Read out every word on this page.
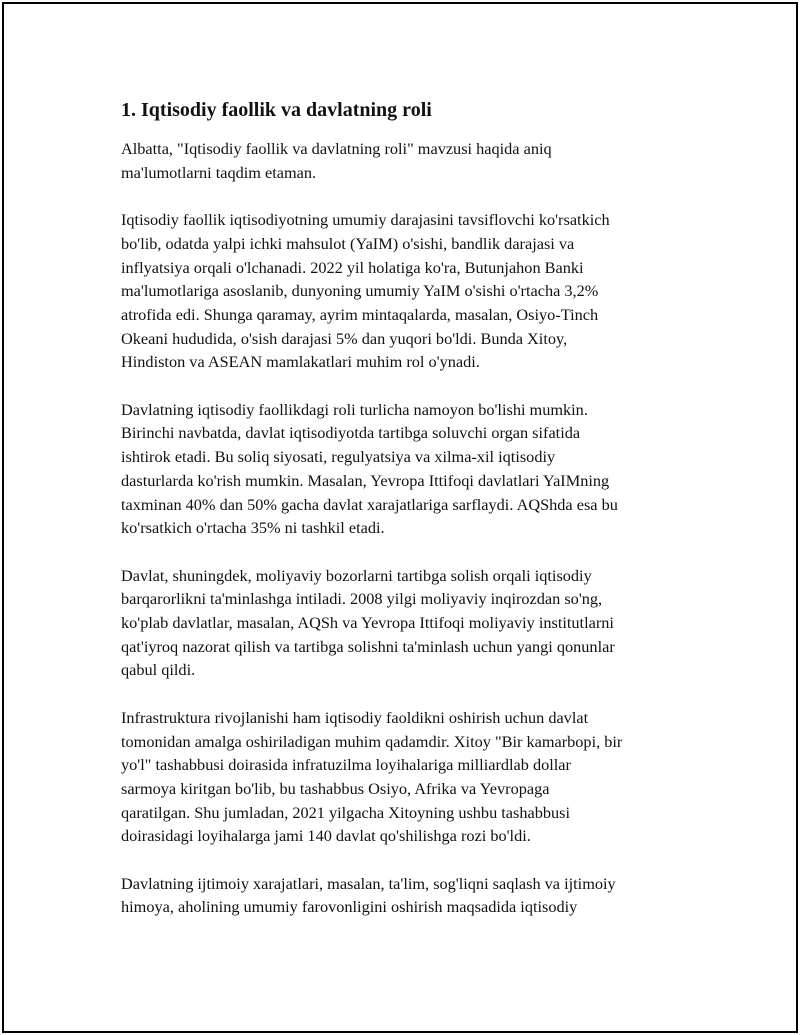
1. Iqtisodiy faollik va davlatning roli

Albatta, "Iqtisodiy faollik va davlatning roli" mavzusi haqida aniq
ma'lumotlarni taqdim etaman.

Iqtisodiy faollik iqtisodiyotning umumiy darajasini tavsiflovchi ko'rsatkich
bo'lib, odatda yalpi ichki mahsulot (YaIM) o'sishi, bandlik darajasi va
inflyatsiya orqali o'lchanadi. 2022 yil holatiga ko'ra, Butunjahon Banki
ma'lumotlariga asoslanib, dunyoning umumiy YaIM o'sishi o'rtacha 3,2%
atrofida edi. Shunga qaramay, ayrim mintaqalarda, masalan, Osiyo-Tinch
Okeani hududida, o'sish darajasi 5% dan yuqori bo'ldi. Bunda Xitoy,
Hindiston va ASEAN mamlakatlari muhim rol o'ynadi.

Davlatning iqtisodiy faollikdagi roli turlicha namoyon bo'lishi mumkin.
Birinchi navbatda, davlat iqtisodiyotda tartibga soluvchi organ sifatida
ishtirok etadi. Bu soliq siyosati, regulyatsiya va xilma-xil iqtisodiy
dasturlarda ko'rish mumkin. Masalan, Yevropa Ittifoqi davlatlari YaIMning
taxminan 40% dan 50% gacha davlat xarajatlariga sarflaydi. AQShda esa bu
ko'rsatkich o'rtacha 35% ni tashkil etadi.

Davlat, shuningdek, moliyaviy bozorlarni tartibga solish orqali iqtisodiy
barqarorlikni ta'minlashga intiladi. 2008 yilgi moliyaviy inqirozdan so'ng,
ko'plab davlatlar, masalan, AQSh va Yevropa Ittifoqi moliyaviy institutlarni
qat'iyroq nazorat qilish va tartibga solishni ta'minlash uchun yangi qonunlar
qabul qildi.

Infrastruktura rivojlanishi ham iqtisodiy faoldikni oshirish uchun davlat
tomonidan amalga oshiriladigan muhim qadamdir. Xitoy "Bir kamarbopi, bir
yo'l" tashabbusi doirasida infratuzilma loyihalariga milliardlab dollar
sarmoya kiritgan bo'lib, bu tashabbus Osiyo, Afrika va Yevropaga
qaratilgan. Shu jumladan, 2021 yilgacha Xitoyning ushbu tashabbusi
doirasidagi loyihalarga jami 140 davlat qo'shilishga rozi bo'ldi.

Davlatning ijtimoiy xarajatlari, masalan, ta'lim, sog'liqni saqlash va ijtimoiy
himoya, aholining umumiy farovonligini oshirish maqsadida iqtisodiy
